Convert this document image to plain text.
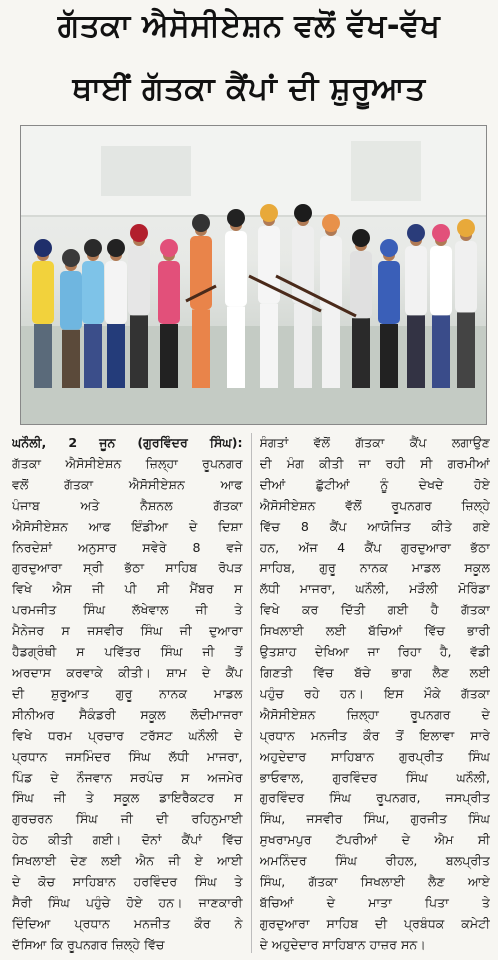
ਗੱਤਕਾ ਐਸੋਸੀਏਸ਼ਨ ਵਲੋਂ ਵੱਖ-ਵੱਖ
ਥਾਈਂ ਗੱਤਕਾ ਕੈਂਪਾਂ ਦੀ ਸ਼ੁਰੂਆਤ
ਘਨੌਲੀ, 2 ਜੂਨ (ਗੁਰਵਿੰਦਰ ਸਿੰਘ):
ਗੱਤਕਾ ਐਸੋਸੀਏਸ਼ਨ ਜ਼ਿਲ੍ਹਾ ਰੂਪਨਗਰ
ਵਲੋਂ ਗੱਤਕਾ ਐਸੋਸੀਏਸ਼ਨ ਆਫ
ਪੰਜਾਬ ਅਤੇ ਨੈਸ਼ਨਲ ਗੱਤਕਾ
ਐਸੋਸੀਏਸ਼ਨ ਆਫ ਇੰਡੀਆ ਦੇ ਦਿਸ਼ਾ
ਨਿਰਦੇਸ਼ਾਂ ਅਨੁਸਾਰ ਸਵੇਰੇ 8 ਵਜੇ
ਗੁਰਦੁਆਰਾ ਸ੍ਰੀ ਭੱਠਾ ਸਾਹਿਬ ਰੋਪੜ
ਵਿਖੇ ਐਸ ਜੀ ਪੀ ਸੀ ਮੈਂਬਰ ਸ
ਪਰਮਜੀਤ ਸਿੰਘ ਲੱਖੇਵਾਲ ਜੀ ਤੇ
ਮੈਨੇਜਰ ਸ ਜਸਵੀਰ ਸਿੰਘ ਜੀ ਦੁਆਰਾ
ਹੈਡਗ੍ਰੰਥੀ ਸ ਪਵਿੱਤਰ ਸਿੰਘ ਜੀ ਤੋਂ
ਅਰਦਾਸ ਕਰਵਾਕੇ ਕੀਤੀ। ਸ਼ਾਮ ਦੇ ਕੈਂਪ
ਦੀ ਸ਼ੁਰੂਆਤ ਗੁਰੂ ਨਾਨਕ ਮਾਡਲ
ਸੀਨੀਅਰ ਸੈਕੰਡਰੀ ਸਕੂਲ ਲੋਦੀਮਾਜਰਾ
ਵਿਖੇ ਧਰਮ ਪ੍ਰਚਾਰ ਟਰੱਸਟ ਘਨੌਲੀ ਦੇ
ਪ੍ਰਧਾਨ ਜਸਮਿੰਦਰ ਸਿੰਘ ਲੱਧੀ ਮਾਜਰਾ,
ਪਿੰਡ ਦੇ ਨੌਜਵਾਨ ਸਰਪੰਚ ਸ ਅਜਮੇਰ
ਸਿੰਘ ਜੀ ਤੇ ਸਕੂਲ ਡਾਇਰੈਕਟਰ ਸ
ਗੁਰਚਰਨ ਸਿੰਘ ਜੀ ਦੀ ਰਹਿਨੁਮਾਈ
ਹੇਠ ਕੀਤੀ ਗਈ। ਦੋਨਾਂ ਕੈਂਪਾਂ ਵਿੱਚ
ਸਿਖਲਾਈ ਦੇਣ ਲਈ ਐਨ ਜੀ ਏ ਆਈ
ਦੇ ਕੋਚ ਸਾਹਿਬਾਨ ਹਰਵਿੰਦਰ ਸਿੰਘ ਤੇ
ਸੈਰੀ ਸਿੰਘ ਪਹੁੰਚੇ ਹੋਏ ਹਨ। ਜਾਣਕਾਰੀ
ਦਿੰਦਿਆ ਪ੍ਰਧਾਨ ਮਨਜੀਤ ਕੌਰ ਨੇ
ਦੱਸਿਆ ਕਿ ਰੂਪਨਗਰ ਜ਼ਿਲ੍ਹੇ ਵਿੱਚ
ਸੰਗਤਾਂ ਵੱਲੋਂ ਗੱਤਕਾ ਕੈਂਪ ਲਗਾਉਣ
ਦੀ ਮੰਗ ਕੀਤੀ ਜਾ ਰਹੀ ਸੀ ਗਰਮੀਆਂ
ਦੀਆਂ ਛੁੱਟੀਆਂ ਨੂੰ ਦੇਖਦੇ ਹੋਏ
ਐਸੋਸੀਏਸ਼ਨ ਵੱਲੋਂ ਰੂਪਨਗਰ ਜ਼ਿਲ੍ਹੇ
ਵਿੱਚ 8 ਕੈਂਪ ਆਯੋਜਿਤ ਕੀਤੇ ਗਏ
ਹਨ, ਅੱਜ 4 ਕੈਂਪ ਗੁਰਦੁਆਰਾ ਭੱਠਾ
ਸਾਹਿਬ, ਗੁਰੂ ਨਾਨਕ ਮਾਡਲ ਸਕੂਲ
ਲੱਧੀ ਮਾਜਰਾ, ਘਨੌਲੀ, ਮੜੌਲੀ ਮੋਰਿੰਡਾ
ਵਿਖੇ ਕਰ ਦਿੱਤੀ ਗਈ ਹੈ ਗੱਤਕਾ
ਸਿਖਲਾਈ ਲਈ ਬੱਚਿਆਂ ਵਿੱਚ ਭਾਰੀ
ਉਤਸ਼ਾਹ ਦੇਖਿਆ ਜਾ ਰਿਹਾ ਹੈ, ਵੱਡੀ
ਗਿਣਤੀ ਵਿੱਚ ਬੱਚੇ ਭਾਗ ਲੈਣ ਲਈ
ਪਹੁੰਚ ਰਹੇ ਹਨ। ਇਸ ਮੌਕੇ ਗੱਤਕਾ
ਐਸੋਸੀਏਸ਼ਨ ਜ਼ਿਲ੍ਹਾ ਰੂਪਨਗਰ ਦੇ
ਪ੍ਰਧਾਨ ਮਨਜੀਤ ਕੌਰ ਤੋਂ ਇਲਾਵਾ ਸਾਰੇ
ਅਹੁਦੇਦਾਰ ਸਾਹਿਬਾਨ ਗੁਰਪ੍ਰੀਤ ਸਿੰਘ
ਭਾਓਵਾਲ, ਗੁਰਵਿੰਦਰ ਸਿੰਘ ਘਨੌਲੀ,
ਗੁਰਵਿੰਦਰ ਸਿੰਘ ਰੂਪਨਗਰ, ਜਸਪ੍ਰੀਤ
ਸਿੰਘ, ਜਸਵੀਰ ਸਿੰਘ, ਗੁਰਜੀਤ ਸਿੰਘ
ਸੁਖਰਾਮਪੁਰ ਟੱਪਰੀਆਂ ਦੇ ਐਮ ਸੀ
ਅਮਨਿੰਦਰ ਸਿੰਘ ਰੀਹਲ, ਬਲਪ੍ਰੀਤ
ਸਿੰਘ, ਗੱਤਕਾ ਸਿਖਲਾਈ ਲੈਣ ਆਏ
ਬੱਚਿਆਂ ਦੇ ਮਾਤਾ ਪਿਤਾ ਤੇ
ਗੁਰਦੁਆਰਾ ਸਾਹਿਬ ਦੀ ਪ੍ਰਬੰਧਕ ਕਮੇਟੀ
ਦੇ ਅਹੁਦੇਦਾਰ ਸਾਹਿਬਾਨ ਹਾਜ਼ਰ ਸਨ।
